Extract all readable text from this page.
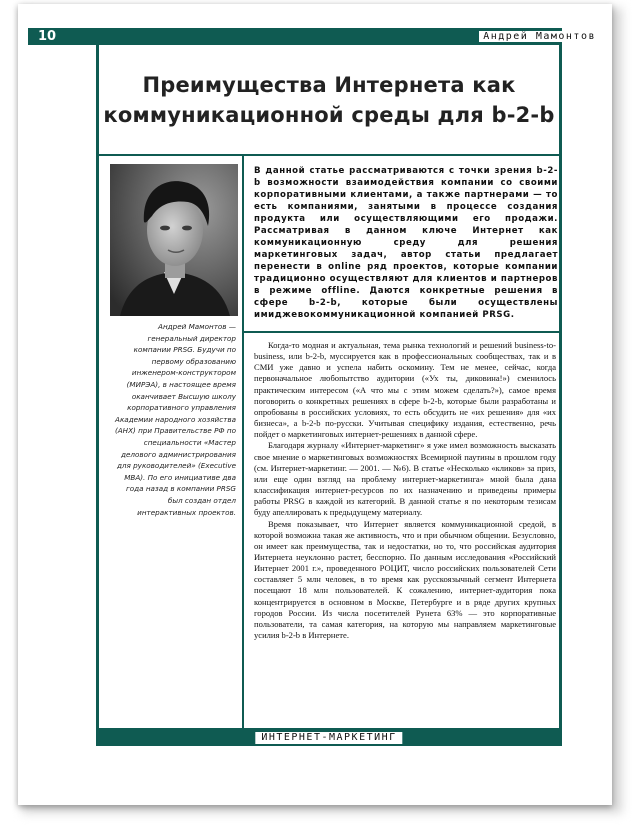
10	Андрей Мамонтов
Преимущества Интернета как
коммуникационной среды для b-2-b
В данной статье рассматриваются с точки зрения b-2-b возможности взаимодействия компании со своими корпоративными клиентами, а также партнерами — то есть компаниями, занятыми в процессе создания продукта или осуществляющими его продажи. Рассматривая в данном ключе Интернет как коммуникационную среду для решения маркетинговых задач, автор статьи предлагает перенести в online ряд проектов, которые компании традиционно осуществляют для клиентов и партнеров в режиме offline. Даются конкретные решения в сфере b-2-b, которые были осуществлены имиджевокоммуникационной компанией PRSG.
Андрей Мамонтов — генеральный директор компании PRSG. Будучи по первому образованию инженером-конструктором (МИРЭА), в настоящее время оканчивает Высшую школу корпоративного управления Академии народного хозяйства (АНХ) при Правительстве РФ по специальности «Мастер делового администрирования для руководителей» (Executive MBA). По его инициативе два года назад в компании PRSG был создан отдел интерактивных проектов.

Когда-то модная и актуальная, тема рынка технологий и решений business-to-business, или b-2-b, муссируется как в профессиональных сообществах, так и в СМИ уже давно и успела набить оскомину. Тем не менее, сейчас, когда первоначальное любопытство аудитории («Ух ты, диковина!») сменилось практическим интересом («А что мы с этим можем сделать?»), самое время поговорить о конкретных решениях в сфере b-2-b, которые были разработаны и опробованы в российских условиях, то есть обсудить не «их решения» для «их бизнеса», а b-2-b по-русски. Учитывая специфику издания, естественно, речь пойдет о маркетинговых интернет-решениях в данной сфере.

Благодаря журналу «Интернет-маркетинг» я уже имел возможность высказать свое мнение о маркетинговых возможностях Всемирной паутины в прошлом году (см. Интернет-маркетинг. — 2001. — №6). В статье «Несколько «кликов» за приз, или еще один взгляд на проблему интернет-маркетинга» мной была дана классификация интернет-ресурсов по их назначению и приведены примеры работы PRSG в каждой из категорий. В данной статье я по некоторым тезисам буду апеллировать к предыдущему материалу.

Время показывает, что Интернет является коммуникационной средой, в которой возможна такая же активность, что и при обычном общении. Безусловно, он имеет как преимущества, так и недостатки, но то, что российская аудитория Интернета неуклонно растет, бесспорно. По данным исследования «Российский Интернет 2001 г.», проведенного РОЦИТ, число российских пользователей Сети составляет 5 млн человек, в то время как русскоязычный сегмент Интернета посещают 18 млн пользователей. К сожалению, интернет-аудитория пока концентрируется в основном в Москве, Петербурге и в ряде других крупных городов России. Из числа посетителей Рунета 63% — это корпоративные пользователи, та самая категория, на которую мы направляем маркетинговые усилия b-2-b в Интернете.

ИНТЕРНЕТ-МАРКЕТИНГ
